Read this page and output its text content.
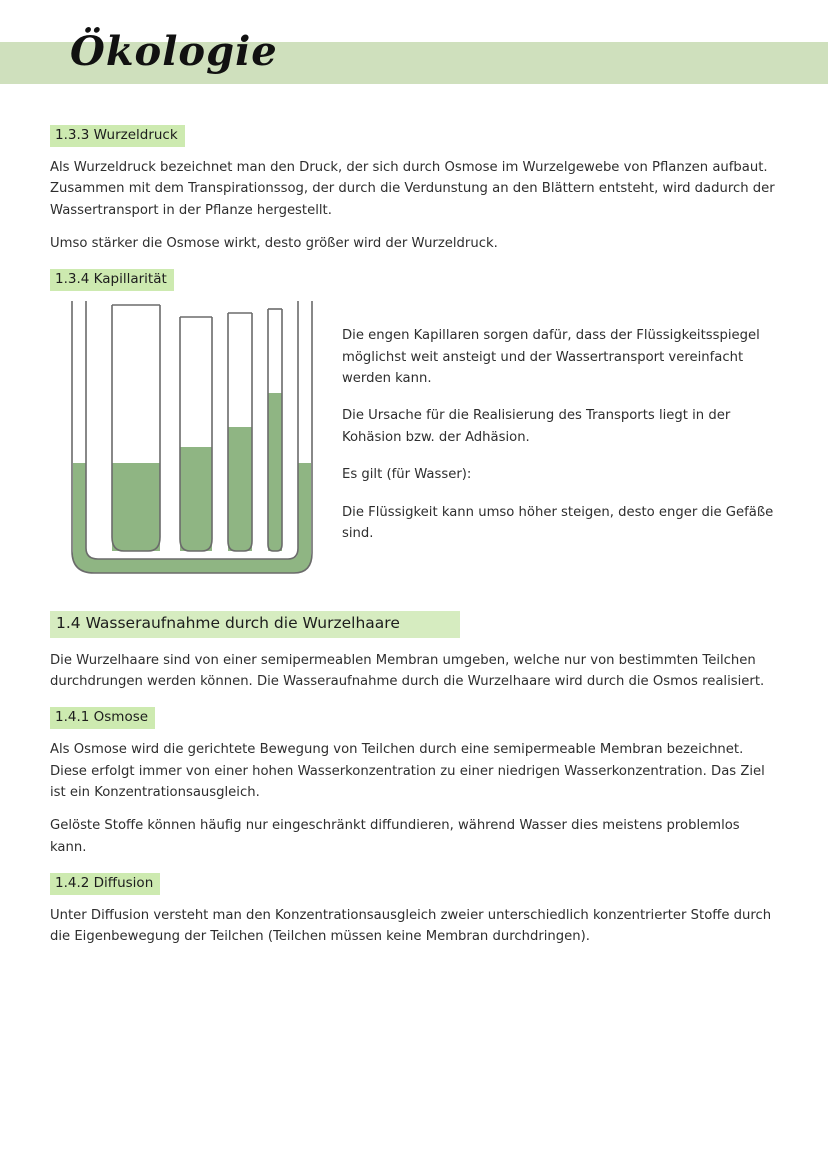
Ökologie
1.3.3 Wurzeldruck

Als Wurzeldruck bezeichnet man den Druck, der sich durch Osmose im Wurzelgewebe von Pflanzen aufbaut. Zusammen mit dem Transpirationssog, der durch die Verdunstung an den Blättern entsteht, wird dadurch der Wassertransport in der Pflanze hergestellt.

Umso stärker die Osmose wirkt, desto größer wird der Wurzeldruck.

1.3.4 Kapillarität

Die engen Kapillaren sorgen dafür, dass der Flüssigkeitsspiegel möglichst weit ansteigt und der Wassertransport vereinfacht werden kann.

Die Ursache für die Realisierung des Transports liegt in der Kohäsion bzw. der Adhäsion.

Es gilt (für Wasser):

Die Flüssigkeit kann umso höher steigen, desto enger die Gefäße sind.

1.4 Wasseraufnahme durch die Wurzelhaare

Die Wurzelhaare sind von einer semipermeablen Membran umgeben, welche nur von bestimmten Teilchen durchdrungen werden können. Die Wasseraufnahme durch die Wurzelhaare wird durch die Osmos realisiert.

1.4.1 Osmose

Als Osmose wird die gerichtete Bewegung von Teilchen durch eine semipermeable Membran bezeichnet. Diese erfolgt immer von einer hohen Wasserkonzentration zu einer niedrigen Wasserkonzentration. Das Ziel ist ein Konzentrationsausgleich.

Gelöste Stoffe können häufig nur eingeschränkt diffundieren, während Wasser dies meistens problemlos kann.

1.4.2 Diffusion

Unter Diffusion versteht man den Konzentrationsausgleich zweier unterschiedlich konzentrierter Stoffe durch die Eigenbewegung der Teilchen (Teilchen müssen keine Membran durchdringen).
